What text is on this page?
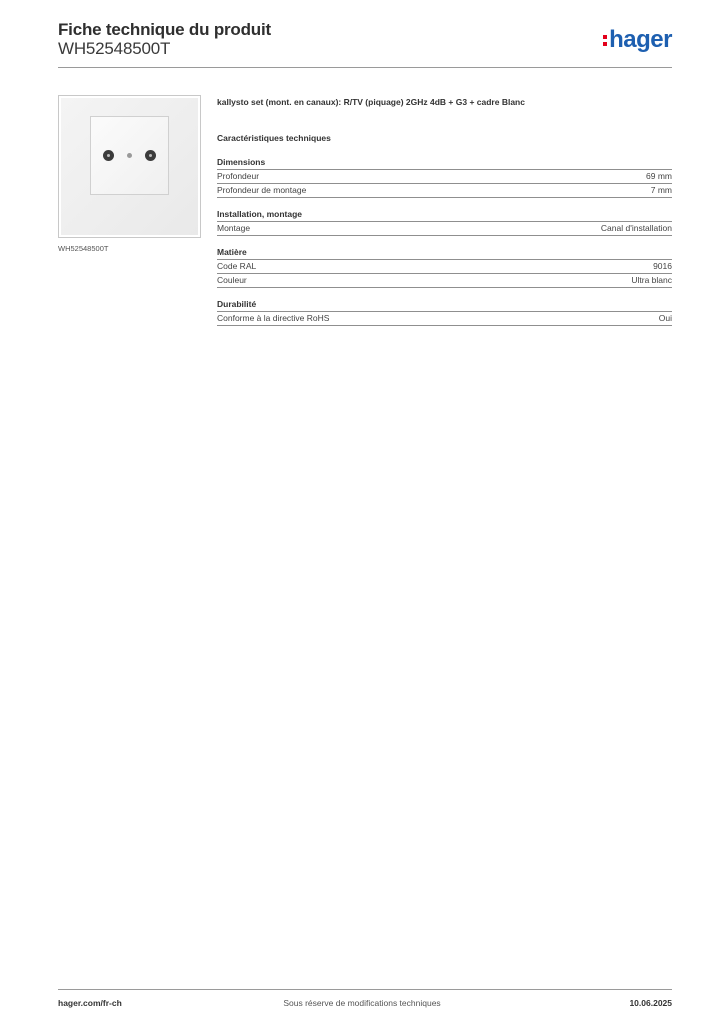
Fiche technique du produit
WH52548500T	hager
WH52548500T
kallysto set (mont. en canaux): R/TV (piquage) 2GHz 4dB + G3 + cadre Blanc
Caractéristiques techniques
Dimensions
Profondeur	69 mm
Profondeur de montage	7 mm
Installation, montage
Montage	Canal d'installation
Matière
Code RAL	9016
Couleur	Ultra blanc
Durabilité
Conforme à la directive RoHS	Oui
hager.com/fr-ch	Sous réserve de modifications techniques	10.06.2025
